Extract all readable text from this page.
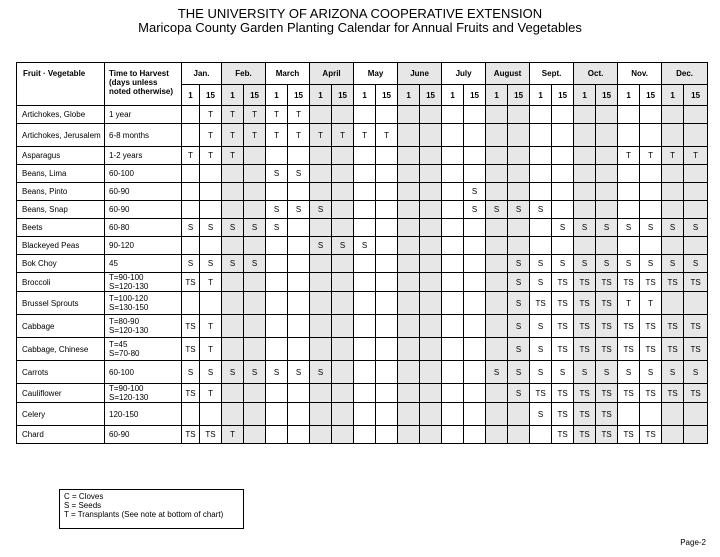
THE UNIVERSITY OF ARIZONA COOPERATIVE EXTENSION
Maricopa County Garden Planting Calendar for Annual Fruits and Vegetables
Fruit · Vegetable	Time to Harvest (days unless noted otherwise)	Jan.		Feb.		March		April		May		June		July		August		Sept.		Oct.		Nov.		Dec.	
		1	15	1	15	1	15	1	15	1	15	1	15	1	15	1	15	1	15	1	15	1	15	1	15
Artichokes, Globe	1 year		T	T	T	T	T																		
Artichokes, Jerusalem	6-8 months		T	T	T	T	T	T	T	T	T														
Asparagus	1-2 years	T	T	T																		T	T	T	T
Beans, Lima	60-100					S	S																		
Beans, Pinto	60-90														S										
Beans, Snap	60-90					S	S	S							S	S	S	S							
Beets	60-80	S	S	S	S	S													S	S	S	S	S	S	S
Blackeyed Peas	90-120							S	S	S															
Bok Choy	45	S	S	S	S												S	S	S	S	S	S	S	S	S
Broccoli	T=90-100
S=120-130	TS	T														S	S	TS	TS	TS	TS	TS	TS	TS
Brussel Sprouts	T=100-120
S=130-150																S	TS	TS	TS	TS	T	T		
Cabbage	T=80-90
S=120-130	TS	T														S	S	TS	TS	TS	TS	TS	TS	TS
Cabbage, Chinese	T=45
S=70-80	TS	T														S	S	TS	TS	TS	TS	TS	TS	TS
Carrots	60-100	S	S	S	S	S	S	S								S	S	S	S	S	S	S	S	S	S
Cauliflower	T=90-100
S=120-130	TS	T														S	TS	TS	TS	TS	TS	TS	TS	TS
Celery	120-150																	S	TS	TS	TS				
Chard	60-90	TS	TS	T															TS	TS	TS	TS	TS		
C = Cloves
S = Seeds
T = Transplants (See note at bottom of chart)
Page-2
